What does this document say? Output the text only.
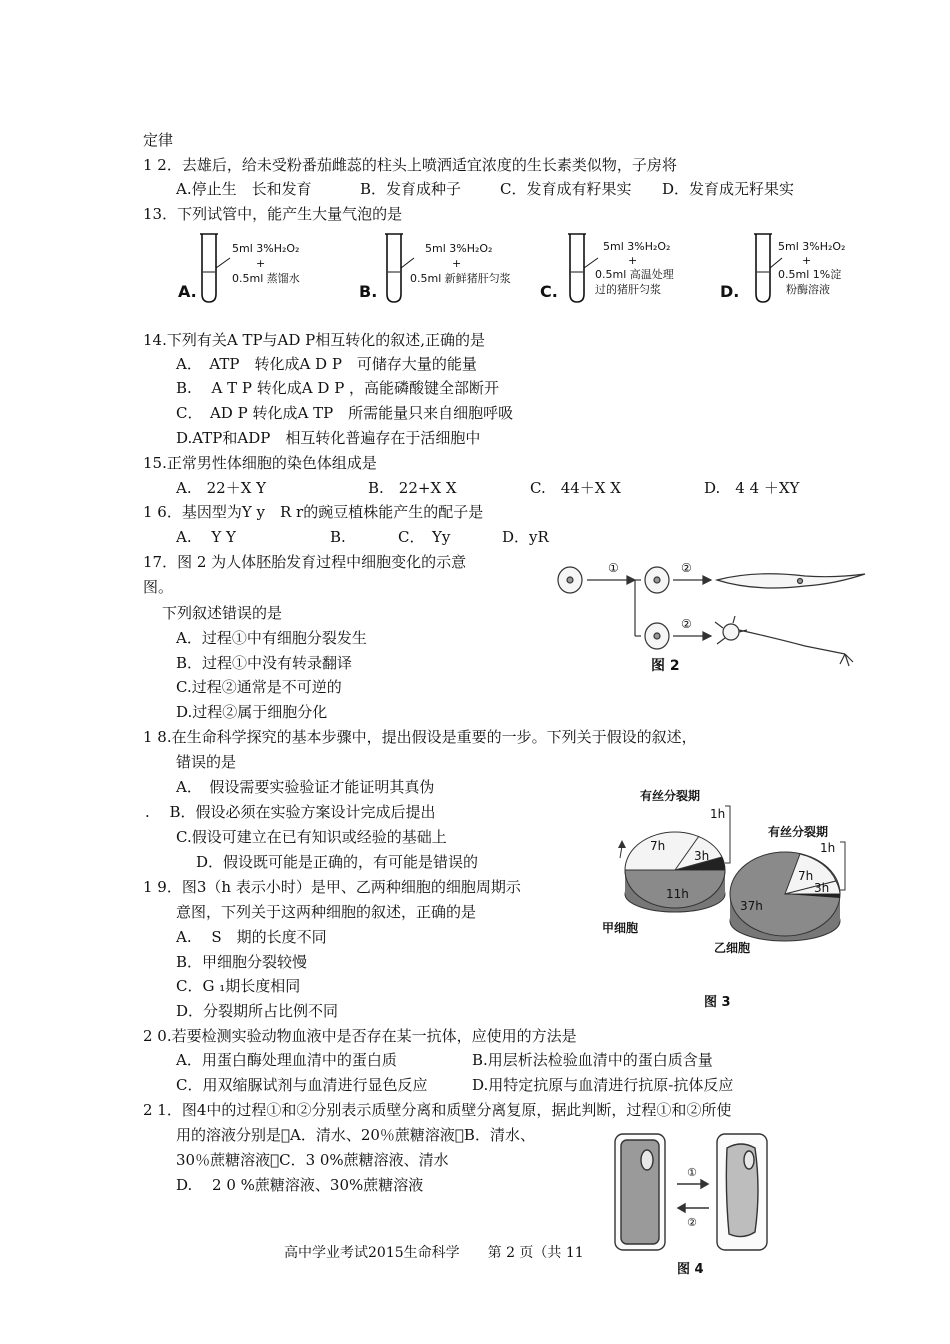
定律
1 2．去雄后，给未受粉番茄雌蕊的柱头上喷洒适宜浓度的生长素类似物，子房将
A.停止生　长和发育	B．发育成种子	C．发育成有籽果实 D．发育成无籽果实
13．下列试管中，能产生大量气泡的是
5ml 3%H₂O₂
+
0.5ml 蒸馏水
A.
5ml 3%H₂O₂
+
0.5ml 新鲜猪肝匀浆
B.
5ml 3%H₂O₂
+
0.5ml 高温处理
过的猪肝匀浆
C.
5ml 3%H₂O₂
+
0.5ml 1%淀
粉酶溶液
D.
14.下列有关A TP与AD P相互转化的叙述,正确的是
A．　ATP　转化成A D P　可储存大量的能量
B.　 A T P 转化成A D P ，高能磷酸键全部断开
C．　AD P 转化成A TP　所需能量只来自细胞呼吸
D.ATP和ADP　相互转化普遍存在于活细胞中
15.正常男性体细胞的染色体组成是
A.　22＋X Y	B.　22+X X	C.　44＋X X	D.　4 4 ＋XY
1 6．基因型为Y y　R r的豌豆植株能产生的配子是
A.　 Y Y	B.	C．　Yy	D．yR
17．图 2 为人体胚胎发育过程中细胞变化的示意
图。
下列叙述错误的是
A．过程①中有细胞分裂发生
B．过程①中没有转录翻译
C.过程②通常是不可逆的
D.过程②属于细胞分化
①	②
②
图 2
1 8.在生命科学探究的基本步骤中，提出假设是重要的一步。下列关于假设的叙述，
错误的是
A．　假设需要实验验证才能证明其真伪
.　 B．假设必须在实验方案设计完成后提出
C.假设可建立在已有知识或经验的基础上
D．假设既可能是正确的，有可能是错误的
1 9．图3（h 表示小时）是甲、乙两种细胞的细胞周期示
意图，下列关于这两种细胞的叙述，正确的是
A.　 S　期的长度不同
B．甲细胞分裂较慢
C．G ₁期长度相同
D．分裂期所占比例不同
7h
3h
11h
有丝分裂期
1h
甲细胞
7h
3h
37h
有丝分裂期
1h
乙细胞
图 3
2 0.若要检测实验动物血液中是否存在某一抗体，应使用的方法是
A．用蛋白酶处理血清中的蛋白质	B.用层析法检验血清中的蛋白质含量
C．用双缩脲试剂与血清进行显色反应	D.用特定抗原与血清进行抗原-抗体反应
2 1．图4中的过程①和②分别表示质壁分离和质壁分离复原，据此判断，过程①和②所使
用的溶液分别是 A．清水、20％蔗糖溶液 B．清水、
30％蔗糖溶液 C．3 0%蔗糖溶液、清水
D.　 2 0 %蔗糖溶液、30%蔗糖溶液
①
②
图 4
高中学业考试2015生命科学　　第 2 页（共 11
